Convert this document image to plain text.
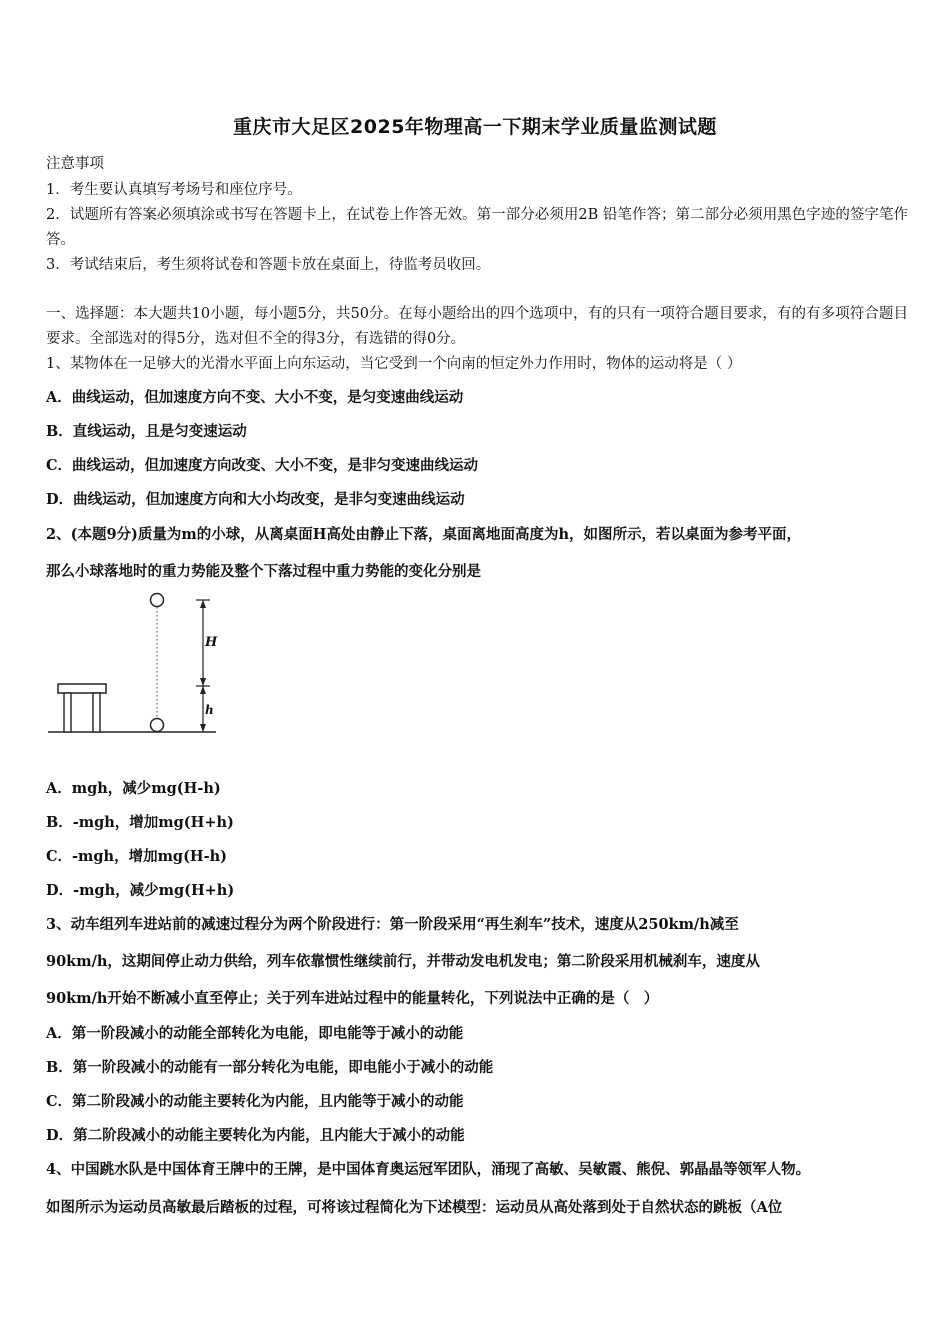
重庆市大足区2025年物理高一下期末学业质量监测试题
注意事项
1．考生要认真填写考场号和座位序号。
2．试题所有答案必须填涂或书写在答题卡上，在试卷上作答无效。第一部分必须用2B 铅笔作答；第二部分必须用黑色字迹的签字笔作答。
3．考试结束后，考生须将试卷和答题卡放在桌面上，待监考员收回。
一、选择题：本大题共10小题，每小题5分，共50分。在每小题给出的四个选项中，有的只有一项符合题目要求，有的有多项符合题目要求。全部选对的得5分，选对但不全的得3分，有选错的得0分。
1、某物体在一足够大的光滑水平面上向东运动，当它受到一个向南的恒定外力作用时，物体的运动将是（ ）
A．曲线运动，但加速度方向不变、大小不变，是匀变速曲线运动
B．直线运动，且是匀变速运动
C．曲线运动，但加速度方向改变、大小不变，是非匀变速曲线运动
D．曲线运动，但加速度方向和大小均改变，是非匀变速曲线运动
2、(本题9分)质量为m的小球，从离桌面H高处由静止下落，桌面离地面高度为h，如图所示，若以桌面为参考平面，
那么小球落地时的重力势能及整个下落过程中重力势能的变化分别是
H
h
A．mgh，减少mg(H-h)
B．-mgh，增加mg(H+h)
C．-mgh，增加mg(H-h)
D．-mgh，减少mg(H+h)
3、动车组列车进站前的减速过程分为两个阶段进行：第一阶段采用“再生刹车”技术，速度从250km/h减至
90km/h，这期间停止动力供给，列车依靠惯性继续前行，并带动发电机发电；第二阶段采用机械刹车，速度从
90km/h开始不断减小直至停止；关于列车进站过程中的能量转化，下列说法中正确的是（　）
A．第一阶段减小的动能全部转化为电能，即电能等于减小的动能
B．第一阶段减小的动能有一部分转化为电能，即电能小于减小的动能
C．第二阶段减小的动能主要转化为内能，且内能等于减小的动能
D．第二阶段减小的动能主要转化为内能，且内能大于减小的动能
4、中国跳水队是中国体育王牌中的王牌，是中国体育奥运冠军团队，涌现了高敏、吴敏霞、熊倪、郭晶晶等领军人物。
如图所示为运动员高敏最后踏板的过程，可将该过程简化为下述模型：运动员从高处落到处于自然状态的跳板（A位
